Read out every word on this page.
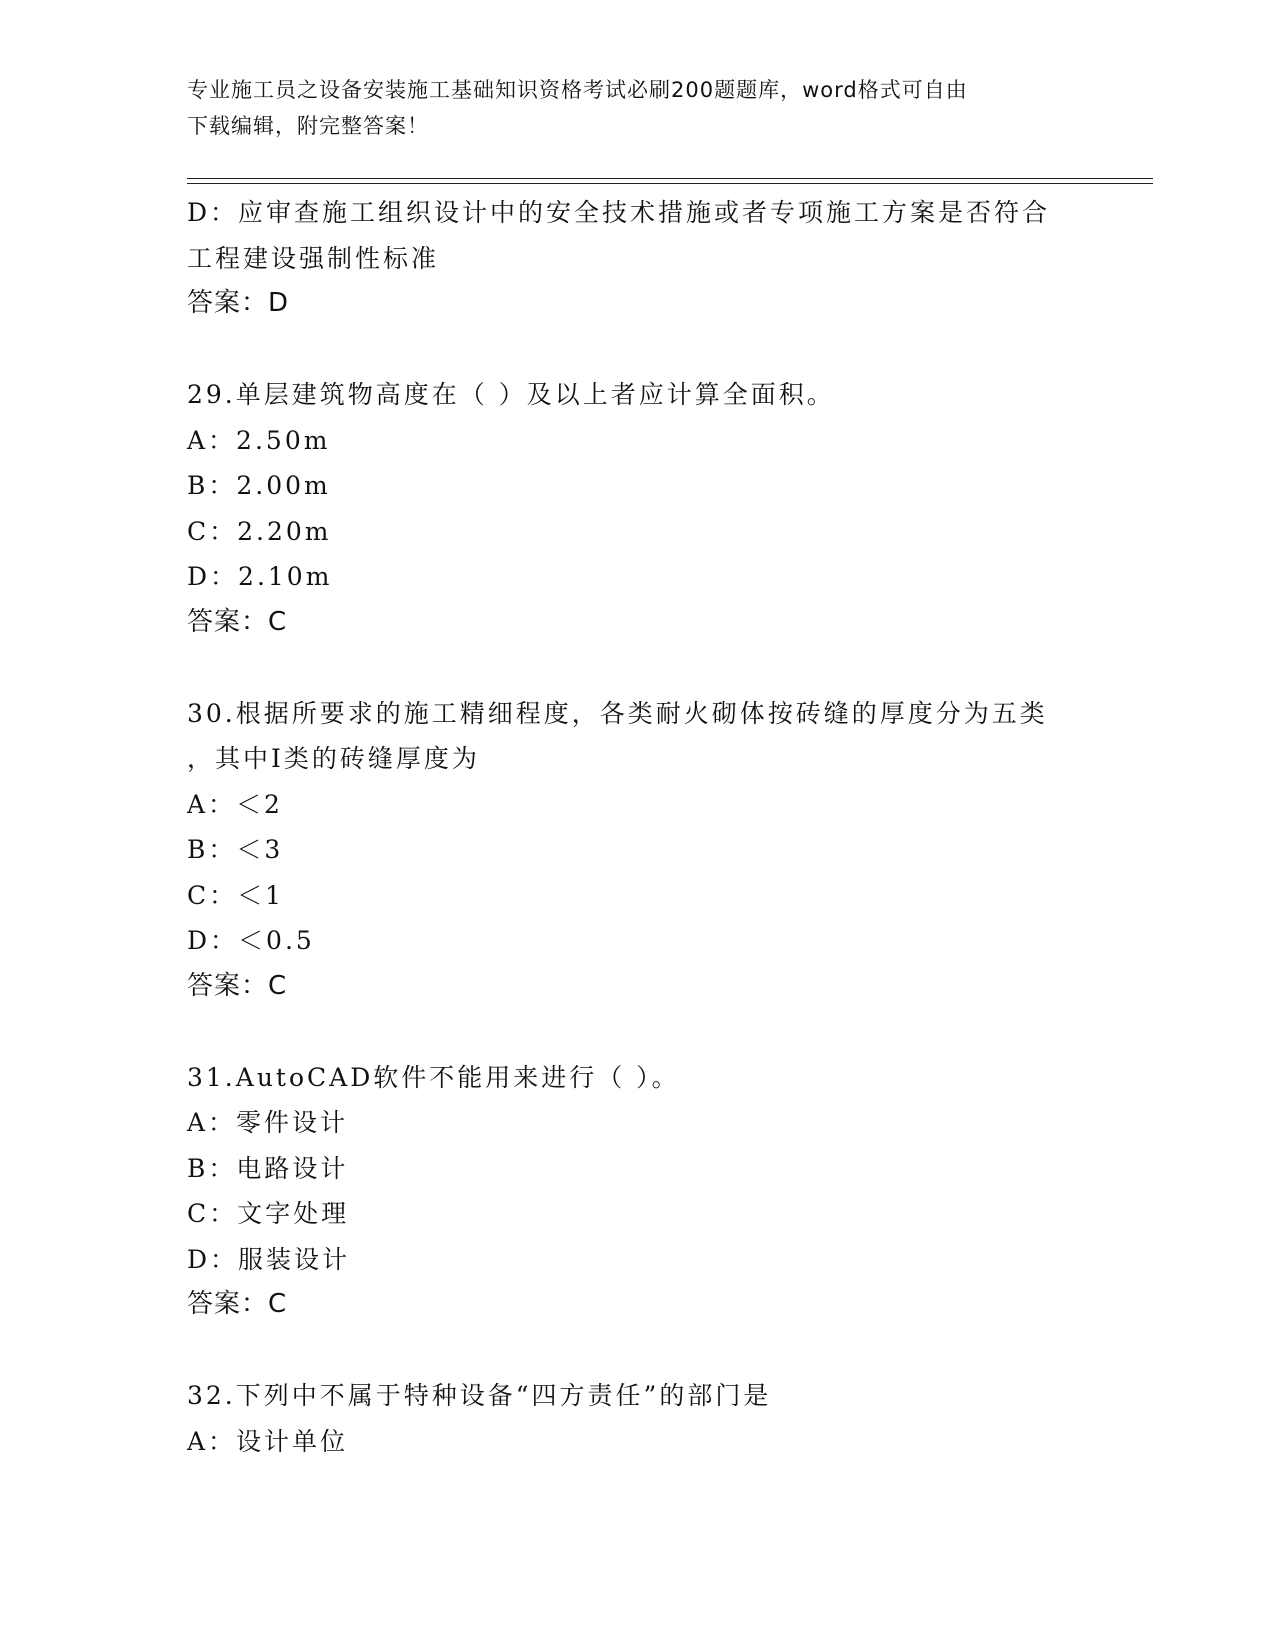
专业施工员之设备安装施工基础知识资格考试必刷200题题库，word格式可自由
下载编辑，附完整答案！
D：应审查施工组织设计中的安全技术措施或者专项施工方案是否符合
工程建设强制性标准
答案：D
29.单层建筑物高度在（ ）及以上者应计算全面积。
A：2.50m
B：2.00m
C：2.20m
D：2.10m
答案：C
30.根据所要求的施工精细程度，各类耐火砌体按砖缝的厚度分为五类
，其中Ⅰ类的砖缝厚度为
A：＜2
B：＜3
C：＜1
D：＜0.5
答案：C
31.AutoCAD软件不能用来进行（ ）。
A：零件设计
B：电路设计
C：文字处理
D：服装设计
答案：C
32.下列中不属于特种设备“四方责任”的部门是
A：设计单位
